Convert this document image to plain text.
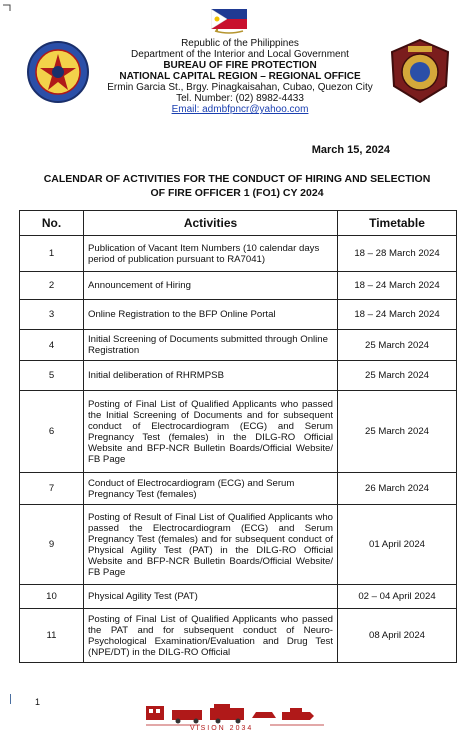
Republic of the Philippines
Department of the Interior and Local Government
BUREAU OF FIRE PROTECTION
NATIONAL CAPITAL REGION – REGIONAL OFFICE
Ermin Garcia St., Brgy. Pinagkaisahan, Cubao, Quezon City
Tel. Number: (02) 8982-4433
Email: admbfpncr@yahoo.com
March 15, 2024
CALENDAR OF ACTIVITIES FOR THE CONDUCT OF HIRING AND SELECTION
OF FIRE OFFICER 1 (FO1) CY 2024
No.	Activities	Timetable
1	Publication of Vacant Item Numbers (10 calendar days period of publication pursuant to RA7041)	18 – 28 March 2024
2	Announcement of Hiring	18 – 24 March 2024
3	Online Registration to the BFP Online Portal	18 – 24 March 2024
4	Initial Screening of Documents submitted through Online Registration	25 March 2024
5	Initial deliberation of RHRMPSB	25 March 2024
6	Posting of Final List of Qualified Applicants who passed the Initial Screening of Documents and for subsequent conduct of Electrocardiogram (ECG) and Serum Pregnancy Test (females) in the DILG-RO Official Website and BFP-NCR Bulletin Boards/Official Website/ FB Page	25 March 2024
7	Conduct of Electrocardiogram (ECG) and Serum Pregnancy Test (females)	26 March 2024
9	Posting of Result of Final List of Qualified Applicants who passed the Electrocardiogram (ECG) and Serum Pregnancy Test (females) and for subsequent conduct of Physical Agility Test (PAT) in the DILG-RO Official Website and BFP-NCR Bulletin Boards/Official Website/ FB Page	01 April 2024
10	Physical Agility Test (PAT)	02 – 04 April 2024
11	Posting of Final List of Qualified Applicants who passed the PAT and for subsequent conduct of Neuro-Psychological Examination/Evaluation and Drug Test (NPE/DT) in the DILG-RO Official	08 April 2024
1
VISION 2034
